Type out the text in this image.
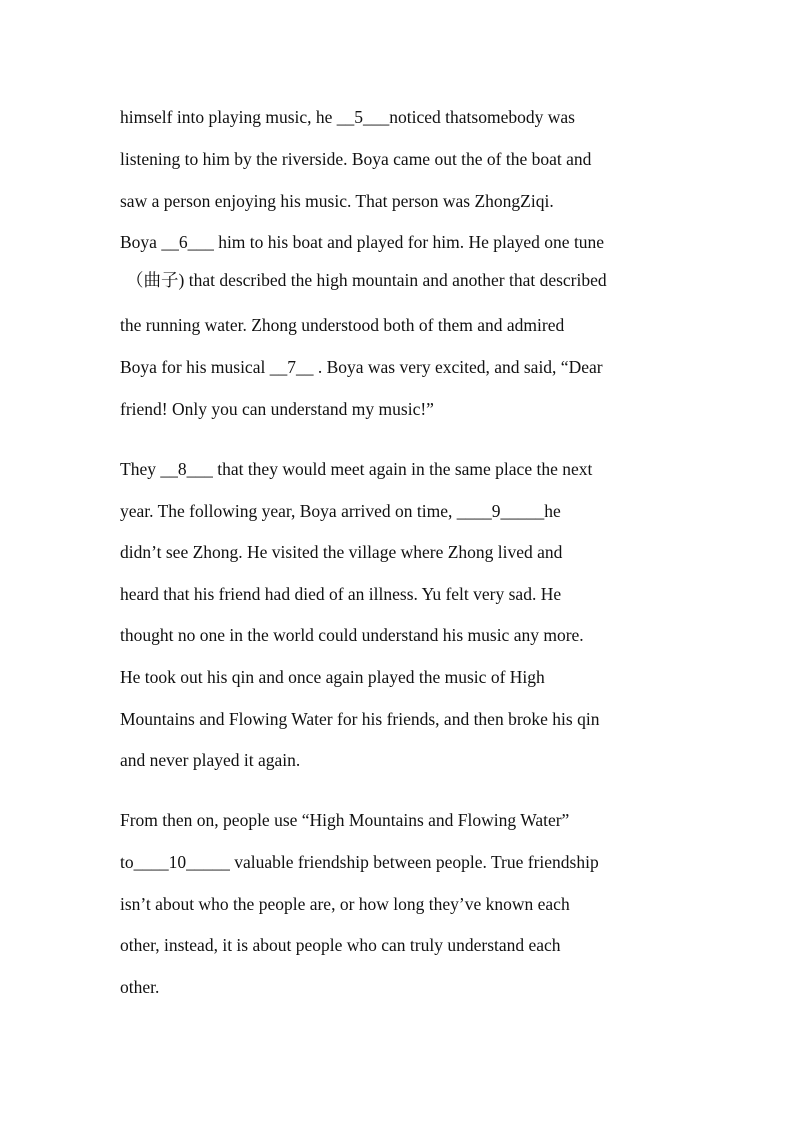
himself into playing music, he __5___noticed thatsomebody was
listening to him by the riverside. Boya came out the of the boat and
saw a person enjoying his music. That person was ZhongZiqi.
Boya __6___ him to his boat and played for him. He played one tune
（曲子) that described the high mountain and another that described
the running water. Zhong understood both of them and admired
Boya for his musical __7__ . Boya was very excited, and said, “Dear
friend! Only you can understand my music!”
They __8___ that they would meet again in the same place the next
year. The following year, Boya arrived on time, ____9_____he
didn’t see Zhong. He visited the village where Zhong lived and
heard that his friend had died of an illness. Yu felt very sad. He
thought no one in the world could understand his music any more.
He took out his qin and once again played the music of High
Mountains and Flowing Water for his friends, and then broke his qin
and never played it again.
From then on, people use “High Mountains and Flowing Water”
to____10_____ valuable friendship between people. True friendship
isn’t about who the people are, or how long they’ve known each
other, instead, it is about people who can truly understand each
other.
